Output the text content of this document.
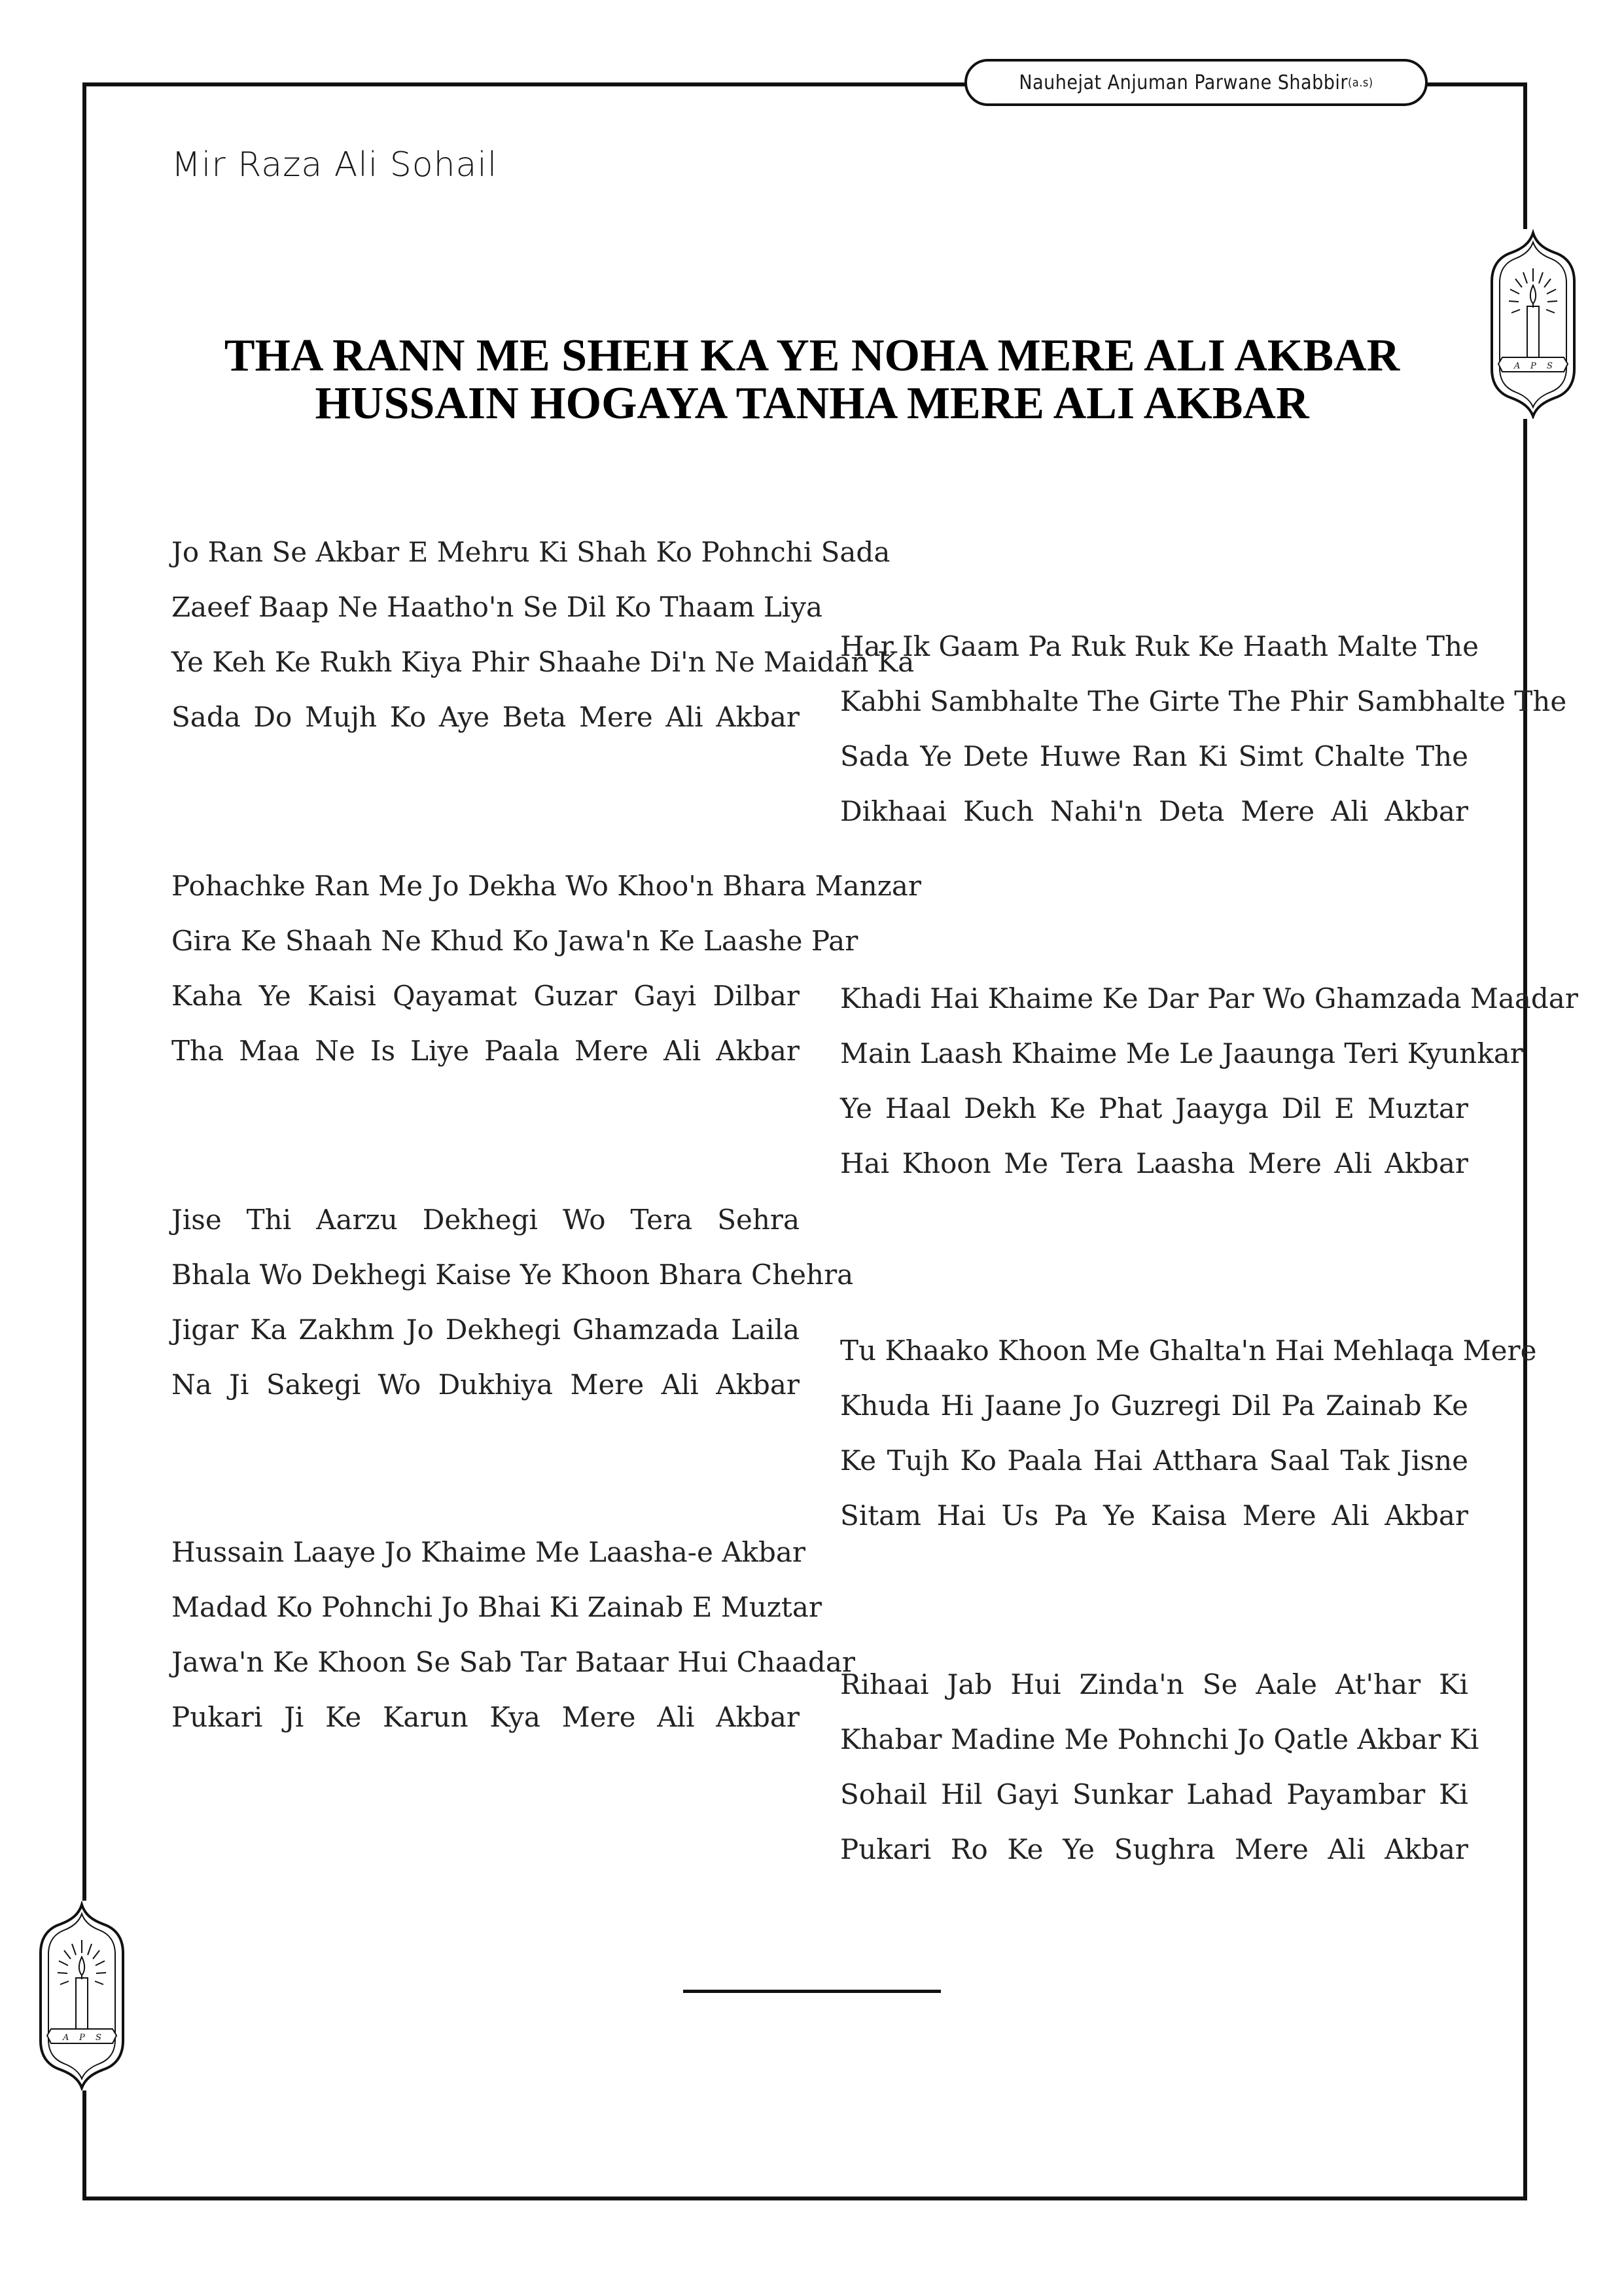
Nauhejat Anjuman Parwane Shabbir (a.s)
Mir Raza Ali Sohail
THA RANN ME SHEH KA YE NOHA MERE ALI AKBAR
HUSSAIN HOGAYA TANHA MERE ALI AKBAR
Jo Ran Se Akbar E Mehru Ki Shah Ko Pohnchi Sada
Zaeef Baap Ne Haatho'n Se Dil Ko Thaam Liya
Ye Keh Ke Rukh Kiya Phir Shaahe Di'n Ne Maidan Ka
Sada Do Mujh Ko Aye Beta Mere Ali Akbar
Pohachke Ran Me Jo Dekha Wo Khoo'n Bhara Manzar
Gira Ke Shaah Ne Khud Ko Jawa'n Ke Laashe Par
Kaha Ye Kaisi Qayamat Guzar Gayi Dilbar
Tha Maa Ne Is Liye Paala Mere Ali Akbar
Jise Thi Aarzu Dekhegi Wo Tera Sehra
Bhala Wo Dekhegi Kaise Ye Khoon Bhara Chehra
Jigar Ka Zakhm Jo Dekhegi Ghamzada Laila
Na Ji Sakegi Wo Dukhiya Mere Ali Akbar
Hussain Laaye Jo Khaime Me Laasha-e Akbar
Madad Ko Pohnchi Jo Bhai Ki Zainab E Muztar
Jawa'n Ke Khoon Se Sab Tar Bataar Hui Chaadar
Pukari Ji Ke Karun Kya Mere Ali Akbar
Har Ik Gaam Pa Ruk Ruk Ke Haath Malte The
Kabhi Sambhalte The Girte The Phir Sambhalte The
Sada Ye Dete Huwe Ran Ki Simt Chalte The
Dikhaai Kuch Nahi'n Deta Mere Ali Akbar
Khadi Hai Khaime Ke Dar Par Wo Ghamzada Maadar
Main Laash Khaime Me Le Jaaunga Teri Kyunkar
Ye Haal Dekh Ke Phat Jaayga Dil E Muztar
Hai Khoon Me Tera Laasha Mere Ali Akbar
Tu Khaako Khoon Me Ghalta'n Hai Mehlaqa Mere
Khuda Hi Jaane Jo Guzregi Dil Pa Zainab Ke
Ke Tujh Ko Paala Hai Atthara Saal Tak Jisne
Sitam Hai Us Pa Ye Kaisa Mere Ali Akbar
Rihaai Jab Hui Zinda'n Se Aale At'har Ki
Khabar Madine Me Pohnchi Jo Qatle Akbar Ki
Sohail Hil Gayi Sunkar Lahad Payambar Ki
Pukari Ro Ke Ye Sughra Mere Ali Akbar
A P S
A P S
